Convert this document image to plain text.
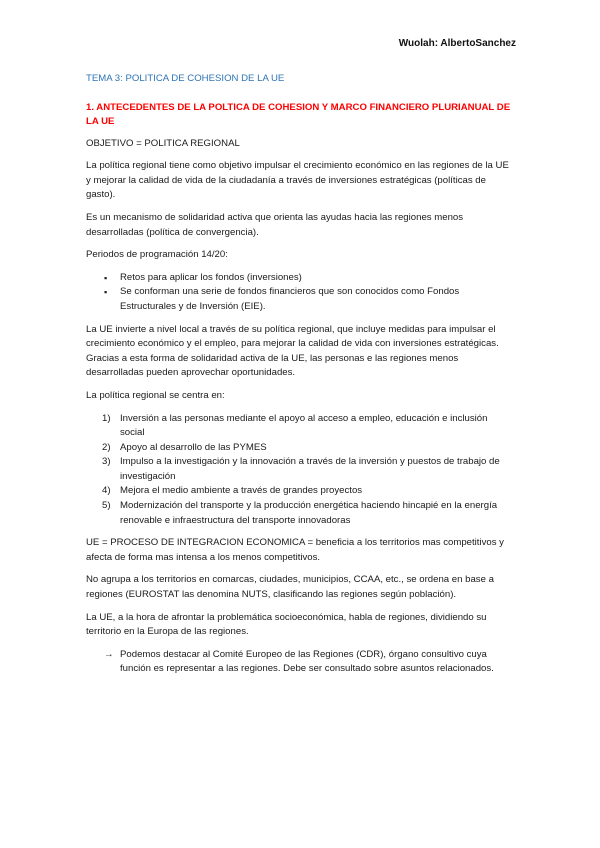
Wuolah: AlbertoSanchez
TEMA 3: POLITICA DE COHESION DE LA UE
1. ANTECEDENTES DE LA POLTICA DE COHESION Y MARCO FINANCIERO PLURIANUAL DE LA UE

OBJETIVO = POLITICA REGIONAL

La política regional tiene como objetivo impulsar el crecimiento económico en las regiones de la UE y mejorar la calidad de vida de la ciudadanía a través de inversiones estratégicas (políticas de gasto).

Es un mecanismo de solidaridad activa que orienta las ayudas hacia las regiones menos desarrolladas (política de convergencia).

Periodos de programación 14/20:

▪ Retos para aplicar los fondos (inversiones)
▪ Se conforman una serie de fondos financieros que son conocidos como Fondos Estructurales y de Inversión (EIE).

La UE invierte a nivel local a través de su política regional, que incluye medidas para impulsar el crecimiento económico y el empleo, para mejorar la calidad de vida con inversiones estratégicas. Gracias a esta forma de solidaridad activa de la UE, las personas e las regiones menos desarrolladas pueden aprovechar oportunidades.

La política regional se centra en:

1) Inversión a las personas mediante el apoyo al acceso a empleo, educación e inclusión social
2) Apoyo al desarrollo de las PYMES
3) Impulso a la investigación y la innovación a través de la inversión y puestos de trabajo de investigación
4) Mejora el medio ambiente a través de grandes proyectos
5) Modernización del transporte y la producción energética haciendo hincapié en la energía renovable e infraestructura del transporte innovadoras

UE = PROCESO DE INTEGRACION ECONOMICA = beneficia a los territorios mas competitivos y afecta de forma mas intensa a los menos competitivos.

No agrupa a los territorios en comarcas, ciudades, municipios, CCAA, etc., se ordena en base a regiones (EUROSTAT las denomina NUTS, clasificando las regiones según población).

La UE, a la hora de afrontar la problemática socioeconómica, habla de regiones, dividiendo su territorio en la Europa de las regiones.

→ Podemos destacar al Comité Europeo de las Regiones (CDR), órgano consultivo cuya función es representar a las regiones. Debe ser consultado sobre asuntos relacionados.
